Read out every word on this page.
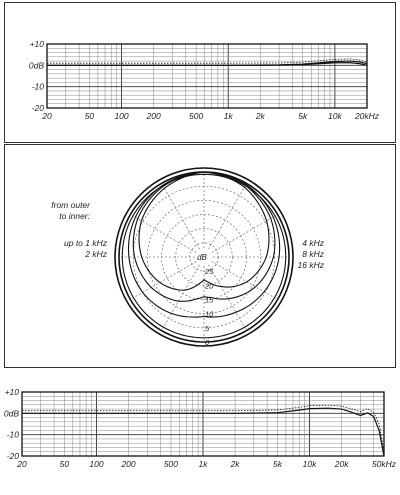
+10
0dB
-10
-20
20	50 100 200	500 1k	2k	5k 10k 20kHz
dB
25
20
15
10
5
0
from outer
to inner:
up to 1 kHz
2 kHz
4 kHz
8 kHz
16 kHz
+10
0dB
-10
-20
20	50 100 200	500 1k	2k	5k 10k 20k	50kHz
